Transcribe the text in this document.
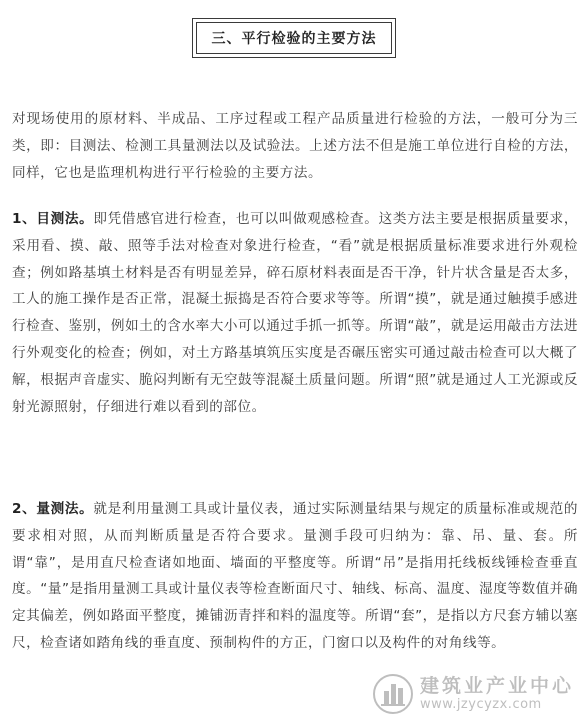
三、平行检验的主要方法

对现场使用的原材料、半成品、工序过程或工程产品质量进行检验的方法，一般可分为三类，即：目测法、检测工具量测法以及试验法。上述方法不但是施工单位进行自检的方法，同样，它也是监理机构进行平行检验的主要方法。

1、目测法。即凭借感官进行检查，也可以叫做观感检查。这类方法主要是根据质量要求，采用看、摸、敲、照等手法对检查对象进行检查，“看”就是根据质量标准要求进行外观检查；例如路基填土材料是否有明显差异，碎石原材料表面是否干净，针片状含量是否太多，工人的施工操作是否正常，混凝土振捣是否符合要求等等。所谓“摸”，就是通过触摸手感进行检查、鉴别，例如土的含水率大小可以通过手抓一抓等。所谓“敲”，就是运用敲击方法进行外观变化的检查；例如，对土方路基填筑压实度是否碾压密实可通过敲击检查可以大概了解，根据声音虚实、脆闷判断有无空鼓等混凝土质量问题。所谓“照”就是通过人工光源或反射光源照射，仔细进行难以看到的部位。

2、量测法。就是利用量测工具或计量仪表，通过实际测量结果与规定的质量标准或规范的要求相对照，从而判断质量是否符合要求。量测手段可归纳为：靠、吊、量、套。所谓“靠”，是用直尺检查诸如地面、墙面的平整度等。所谓“吊”是指用托线板线锤检查垂直度。“量”是指用量测工具或计量仪表等检查断面尺寸、轴线、标高、温度、湿度等数值并确定其偏差，例如路面平整度，摊铺沥青拌和料的温度等。所谓“套”，是指以方尺套方辅以塞尺，检查诸如踏角线的垂直度、预制构件的方正，门窗口以及构件的对角线等。

建筑业产业中心
www.jzycyzx.com
